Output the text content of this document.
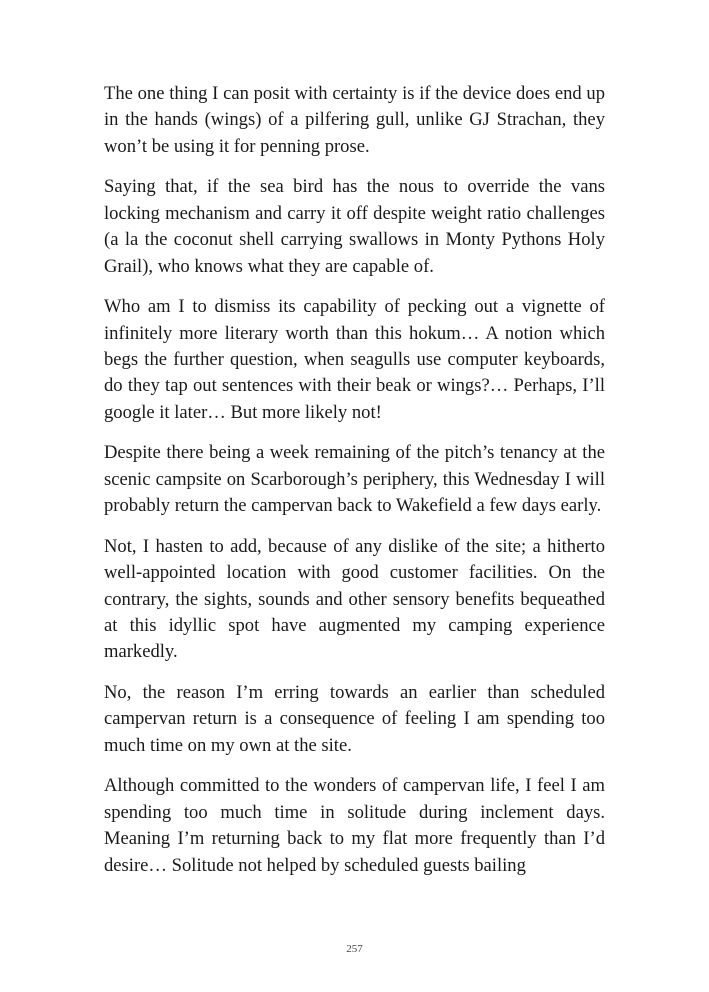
The one thing I can posit with certainty is if the device does end up in the hands (wings) of a pilfering gull, unlike GJ Strachan, they won’t be using it for penning prose.

Saying that, if the sea bird has the nous to override the vans locking mechanism and carry it off despite weight ratio challenges (a la the coconut shell carrying swallows in Monty Pythons Holy Grail), who knows what they are capable of.

Who am I to dismiss its capability of pecking out a vignette of infinitely more literary worth than this hokum… A notion which begs the further question, when seagulls use computer keyboards, do they tap out sentences with their beak or wings?… Perhaps, I’ll google it later… But more likely not!

Despite there being a week remaining of the pitch’s tenancy at the scenic campsite on Scarborough’s periphery, this Wednesday I will probably return the campervan back to Wakefield a few days early.

Not, I hasten to add, because of any dislike of the site; a hitherto well-appointed location with good customer facilities. On the contrary, the sights, sounds and other sensory benefits bequeathed at this idyllic spot have augmented my camping experience markedly.

No, the reason I’m erring towards an earlier than scheduled campervan return is a consequence of feeling I am spending too much time on my own at the site.

Although committed to the wonders of campervan life, I feel I am spending too much time in solitude during inclement days. Meaning I’m returning back to my flat more frequently than I’d desire… Solitude not helped by scheduled guests bailing

257
